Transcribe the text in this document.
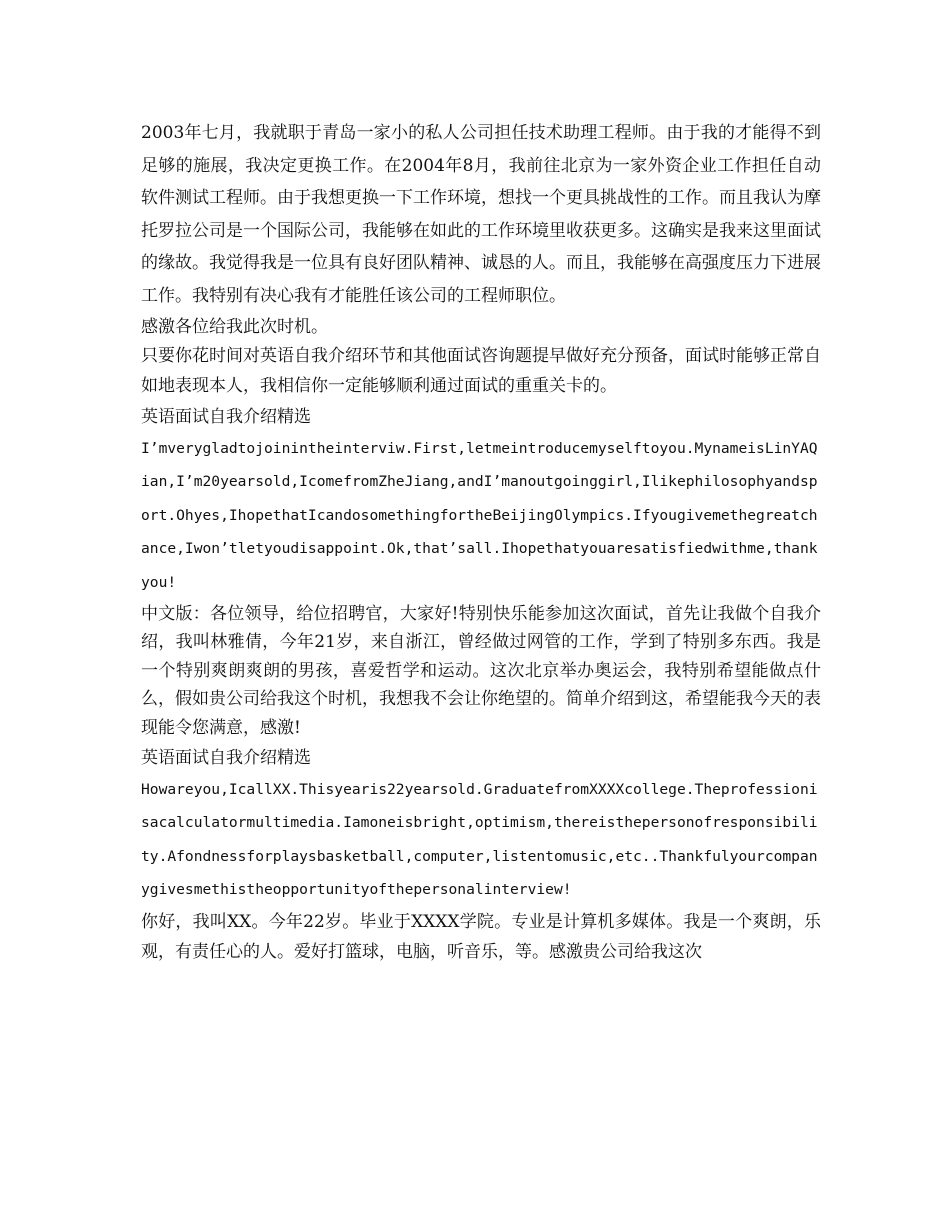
2003年七月，我就职于青岛一家小的私人公司担任技术助理工程师。由于我的才能得不到足够的施展，我决定更换工作。在2004年8月，我前往北京为一家外资企业工作担任自动软件测试工程师。由于我想更换一下工作环境，想找一个更具挑战性的工作。而且我认为摩托罗拉公司是一个国际公司，我能够在如此的工作环境里收获更多。这确实是我来这里面试的缘故。我觉得我是一位具有良好团队精神、诚恳的人。而且，我能够在高强度压力下进展工作。我特别有决心我有才能胜任该公司的工程师职位。

感激各位给我此次时机。

只要你花时间对英语自我介绍环节和其他面试咨询题提早做好充分预备，面试时能够正常自如地表现本人，我相信你一定能够顺利通过面试的重重关卡的。

英语面试自我介绍精选

I’mverygladtojoinintheinterviw.First,letmeintroducemyselftoyou.MynameisLinYAQian,I’m20yearsold,IcomefromZheJiang,andI’manoutgoinggirl,Ilikephilosophyandsport.Ohyes,IhopethatIcandosomethingfortheBeijingOlympics.Ifyougivemethegreatchance,Iwon’tletyoudisappoint.Ok,that’sall.Ihopethatyouaresatisfiedwithme,thankyou!

中文版：各位领导，给位招聘官，大家好!特别快乐能参加这次面试，首先让我做个自我介绍，我叫林雅倩，今年21岁，来自浙江，曾经做过网管的工作，学到了特别多东西。我是一个特别爽朗爽朗的男孩，喜爱哲学和运动。这次北京举办奥运会，我特别希望能做点什么，假如贵公司给我这个时机，我想我不会让你绝望的。简单介绍到这，希望能我今天的表现能令您满意，感激!

英语面试自我介绍精选

Howareyou,IcallXX.Thisyearis22yearsold.GraduatefromXXXXcollege.Theprofessionisacalculatormultimedia.Iamoneisbright,optimism,thereisthepersonofresponsibility.Afondnessforplaysbasketball,computer,listentomusic,etc..Thankfulyourcompanygivesmethistheopportunityofthepersonalinterview!

你好，我叫XX。今年22岁。毕业于XXXX学院。专业是计算机多媒体。我是一个爽朗，乐观，有责任心的人。爱好打篮球，电脑，听音乐，等。感激贵公司给我这次
